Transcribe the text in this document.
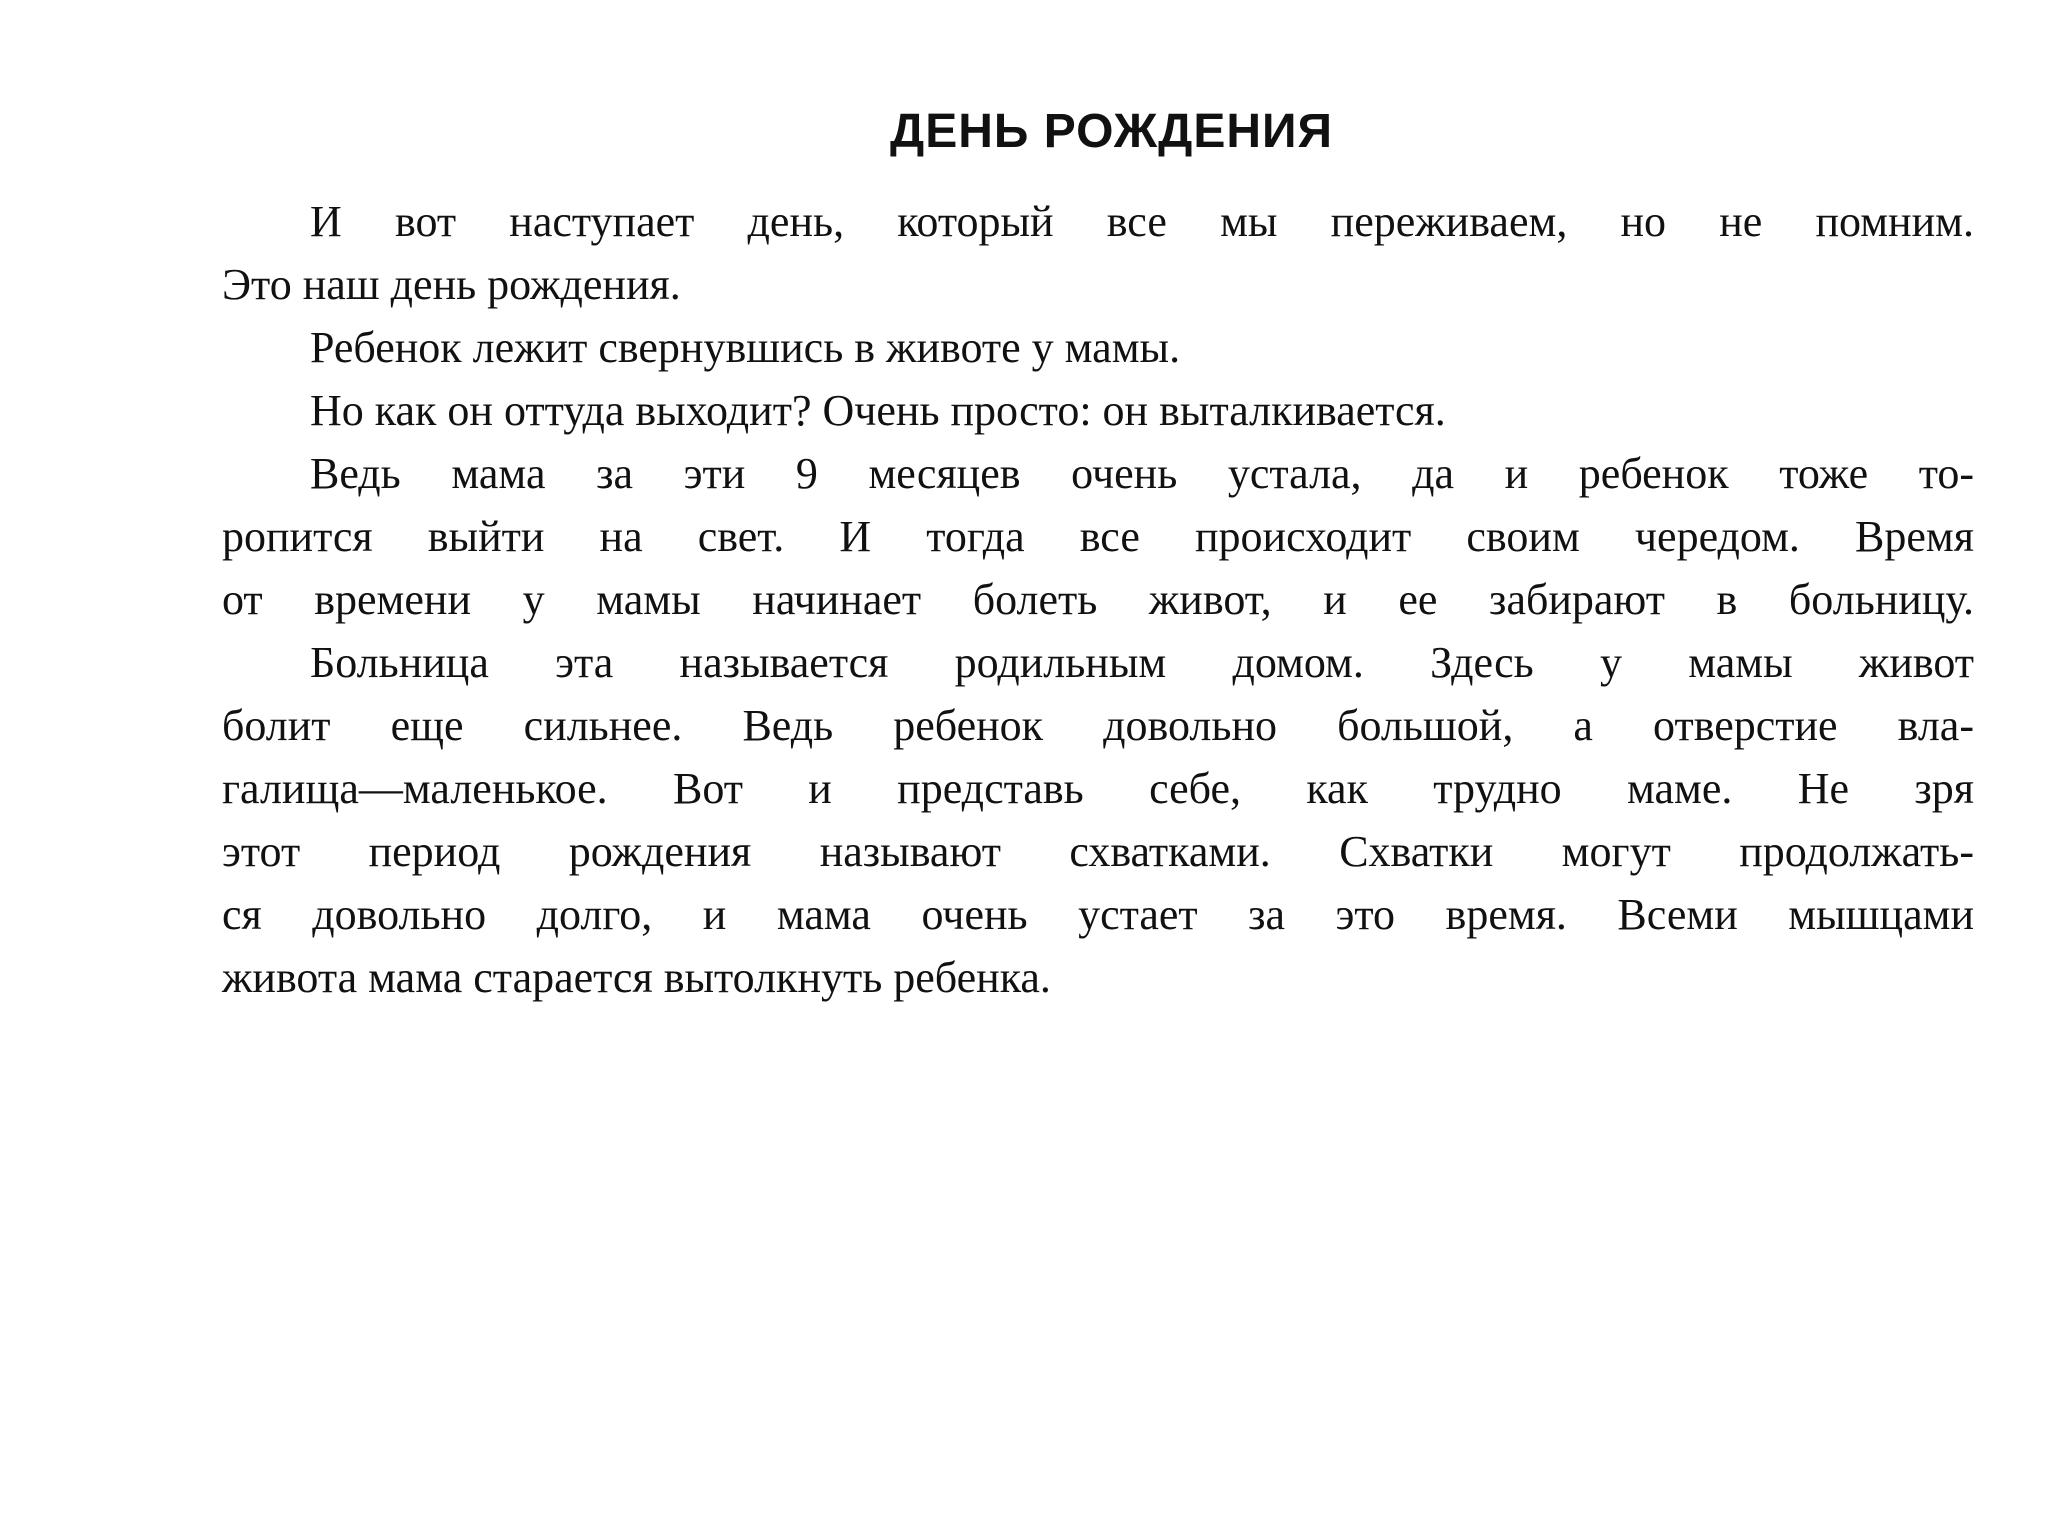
ДЕНЬ РОЖДЕНИЯ

И вот наступает день, который все мы переживаем, но не помним.

Это наш день рождения.

Ребенок лежит свернувшись в животе у мамы.

Но как он оттуда выходит? Очень просто: он выталкивается.

Ведь мама за эти 9 месяцев очень устала, да и ребенок тоже то-

ропится выйти на свет. И тогда все происходит своим чередом. Время

от времени у мамы начинает болеть живот, и ее забирают в больницу.

Больница эта называется родильным домом. Здесь у мамы живот

болит еще сильнее. Ведь ребенок довольно большой, а отверстие вла-

галища—маленькое. Вот и представь себе, как трудно маме. Не зря

этот период рождения называют схватками. Схватки могут продолжать-

ся довольно долго, и мама очень устает за это время. Всеми мышцами

живота мама старается вытолкнуть ребенка.
